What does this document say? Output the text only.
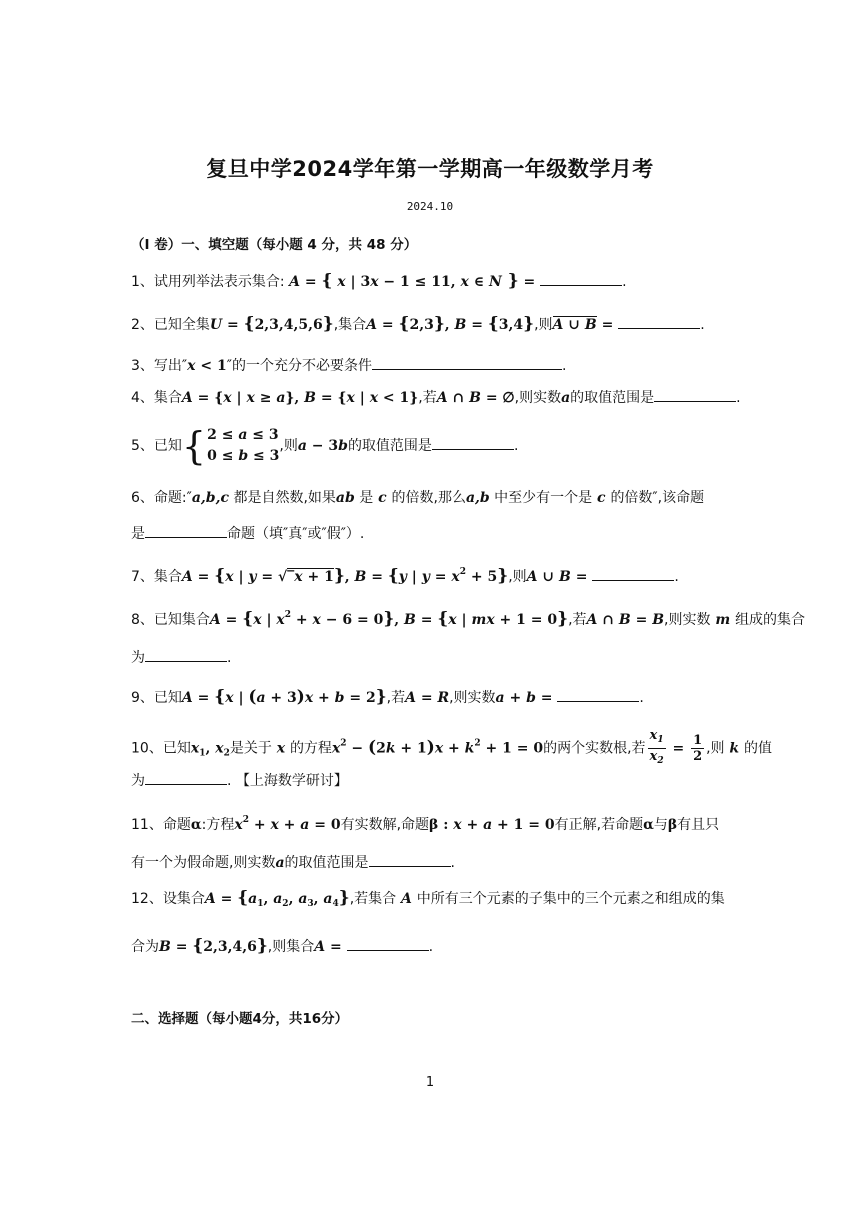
复旦中学2024学年第一学期高一年级数学月考
2024.10
（Ⅰ 卷）一、填空题（每小题 4 分，共 48 分）
1、试用列举法表示集合: A = { x | 3x − 1 ≤ 11, x ∈ N } =	.
2、已知全集U = {2,3,4,5,6},集合A = {2,3}, B = {3,4},则A ∪ B =	.
3、写出″x < 1″的一个充分不必要条件	.
4、集合A = {x | x ≥ a}, B = {x | x < 1},若A ∩ B = ∅,则实数a的取值范围是	.
5、已知 { 2 ≤ a ≤ 3
0 ≤ b ≤ 3
,则a − 3b的取值范围是	.
6、命题:″a,b,c 都是自然数,如果ab 是 c 的倍数,那么a,b 中至少有一个是 c 的倍数″,该命题
是	命题（填″真″或″假″）.
7、集合A = {x | y = √‾x + 1}, B = {y | $y = x^2 + 5$},则A ∪ B =	.
8、已知集合A = {x | $x^2 + x - 6 = 0$}, B = {x | mx + 1 = 0},若A ∩ B = B,则实数 m 组成的集合
为	.
9、已知A = {x | (a + 3)x + b = 2},若A = R,则实数a + b =	.
10、已知$x_1$, $x_2$是关于 x 的方程$x^2 - (2k + 1)x + k^2 + 1 = 0$的两个实数根,若 $\frac{x_1}{x_2} = \frac{1}{2}$ ,则 k 的值
为	. 【上海数学研讨】
11、命题α:方程$x^2 + x + a = 0$有实数解,命题β : x + a + 1 = 0有正解,若命题α与β有且只
有一个为假命题,则实数a的取值范围是	.
12、设集合$A = \{a_1$, $a_2$, $a_3$, $a_4$},若集合 A 中所有三个元素的子集中的三个元素之和组成的集
合为B = {2,3,4,6},则集合A =	.
二、选择题（每小题4分，共16分）
1
